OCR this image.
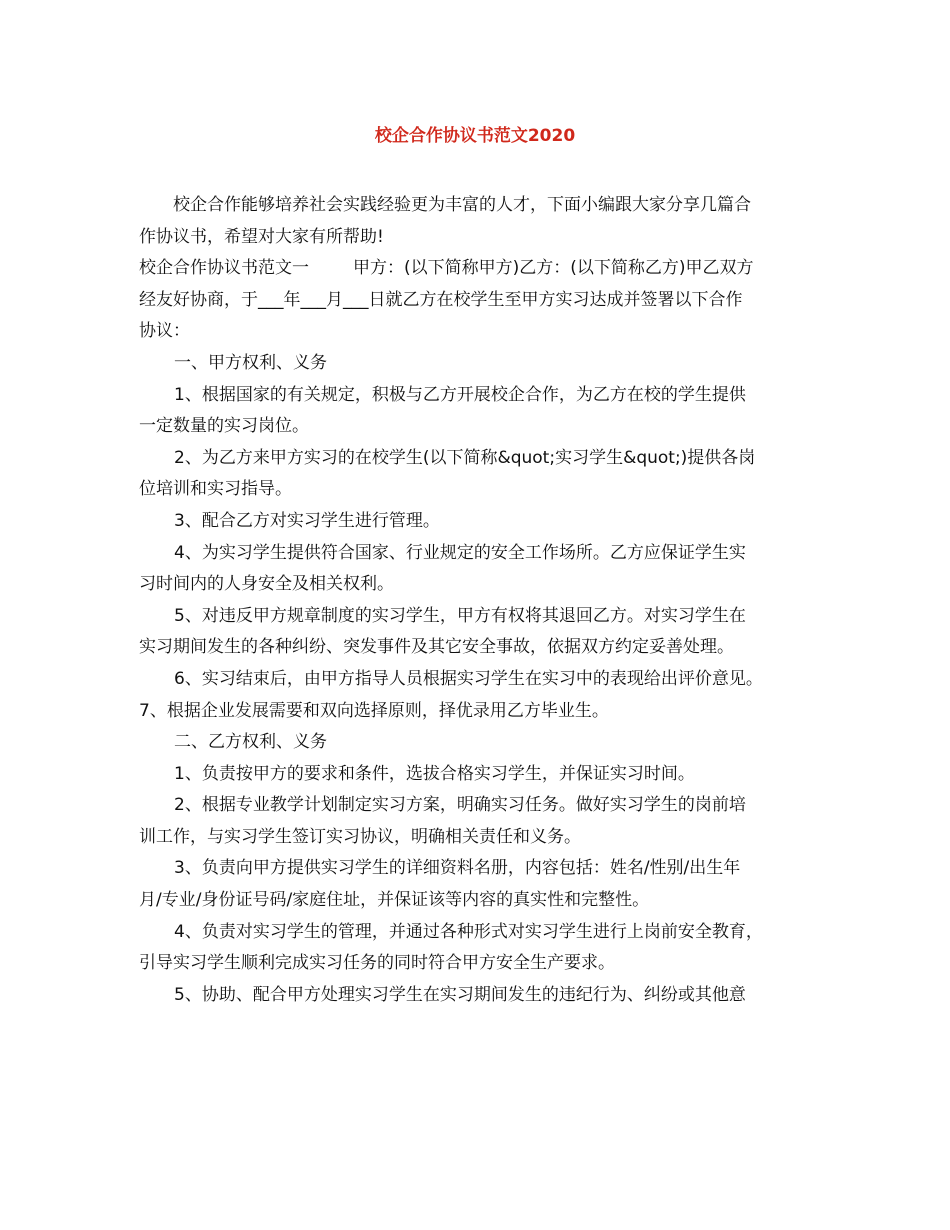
校企合作协议书范文2020
校企合作能够培养社会实践经验更为丰富的人才，下面小编跟大家分享几篇合
作协议书，希望对大家有所帮助!
校企合作协议书范文一	甲方：(以下简称甲方)乙方：(以下简称乙方)甲乙双方
经友好协商，于___年___月___日就乙方在校学生至甲方实习达成并签署以下合作
协议：
一、甲方权利、义务
1、根据国家的有关规定，积极与乙方开展校企合作，为乙方在校的学生提供
一定数量的实习岗位。
2、为乙方来甲方实习的在校学生(以下简称&quot;实习学生&quot;)提供各岗
位培训和实习指导。
3、配合乙方对实习学生进行管理。
4、为实习学生提供符合国家、行业规定的安全工作场所。乙方应保证学生实
习时间内的人身安全及相关权利。
5、对违反甲方规章制度的实习学生，甲方有权将其退回乙方。对实习学生在
实习期间发生的各种纠纷、突发事件及其它安全事故，依据双方约定妥善处理。
6、实习结束后，由甲方指导人员根据实习学生在实习中的表现给出评价意见。
7、根据企业发展需要和双向选择原则，择优录用乙方毕业生。
二、乙方权利、义务
1、负责按甲方的要求和条件，选拔合格实习学生，并保证实习时间。
2、根据专业教学计划制定实习方案，明确实习任务。做好实习学生的岗前培
训工作，与实习学生签订实习协议，明确相关责任和义务。
3、负责向甲方提供实习学生的详细资料名册，内容包括：姓名/性别/出生年
月/专业/身份证号码/家庭住址，并保证该等内容的真实性和完整性。
4、负责对实习学生的管理，并通过各种形式对实习学生进行上岗前安全教育，
引导实习学生顺利完成实习任务的同时符合甲方安全生产要求。
5、协助、配合甲方处理实习学生在实习期间发生的违纪行为、纠纷或其他意
